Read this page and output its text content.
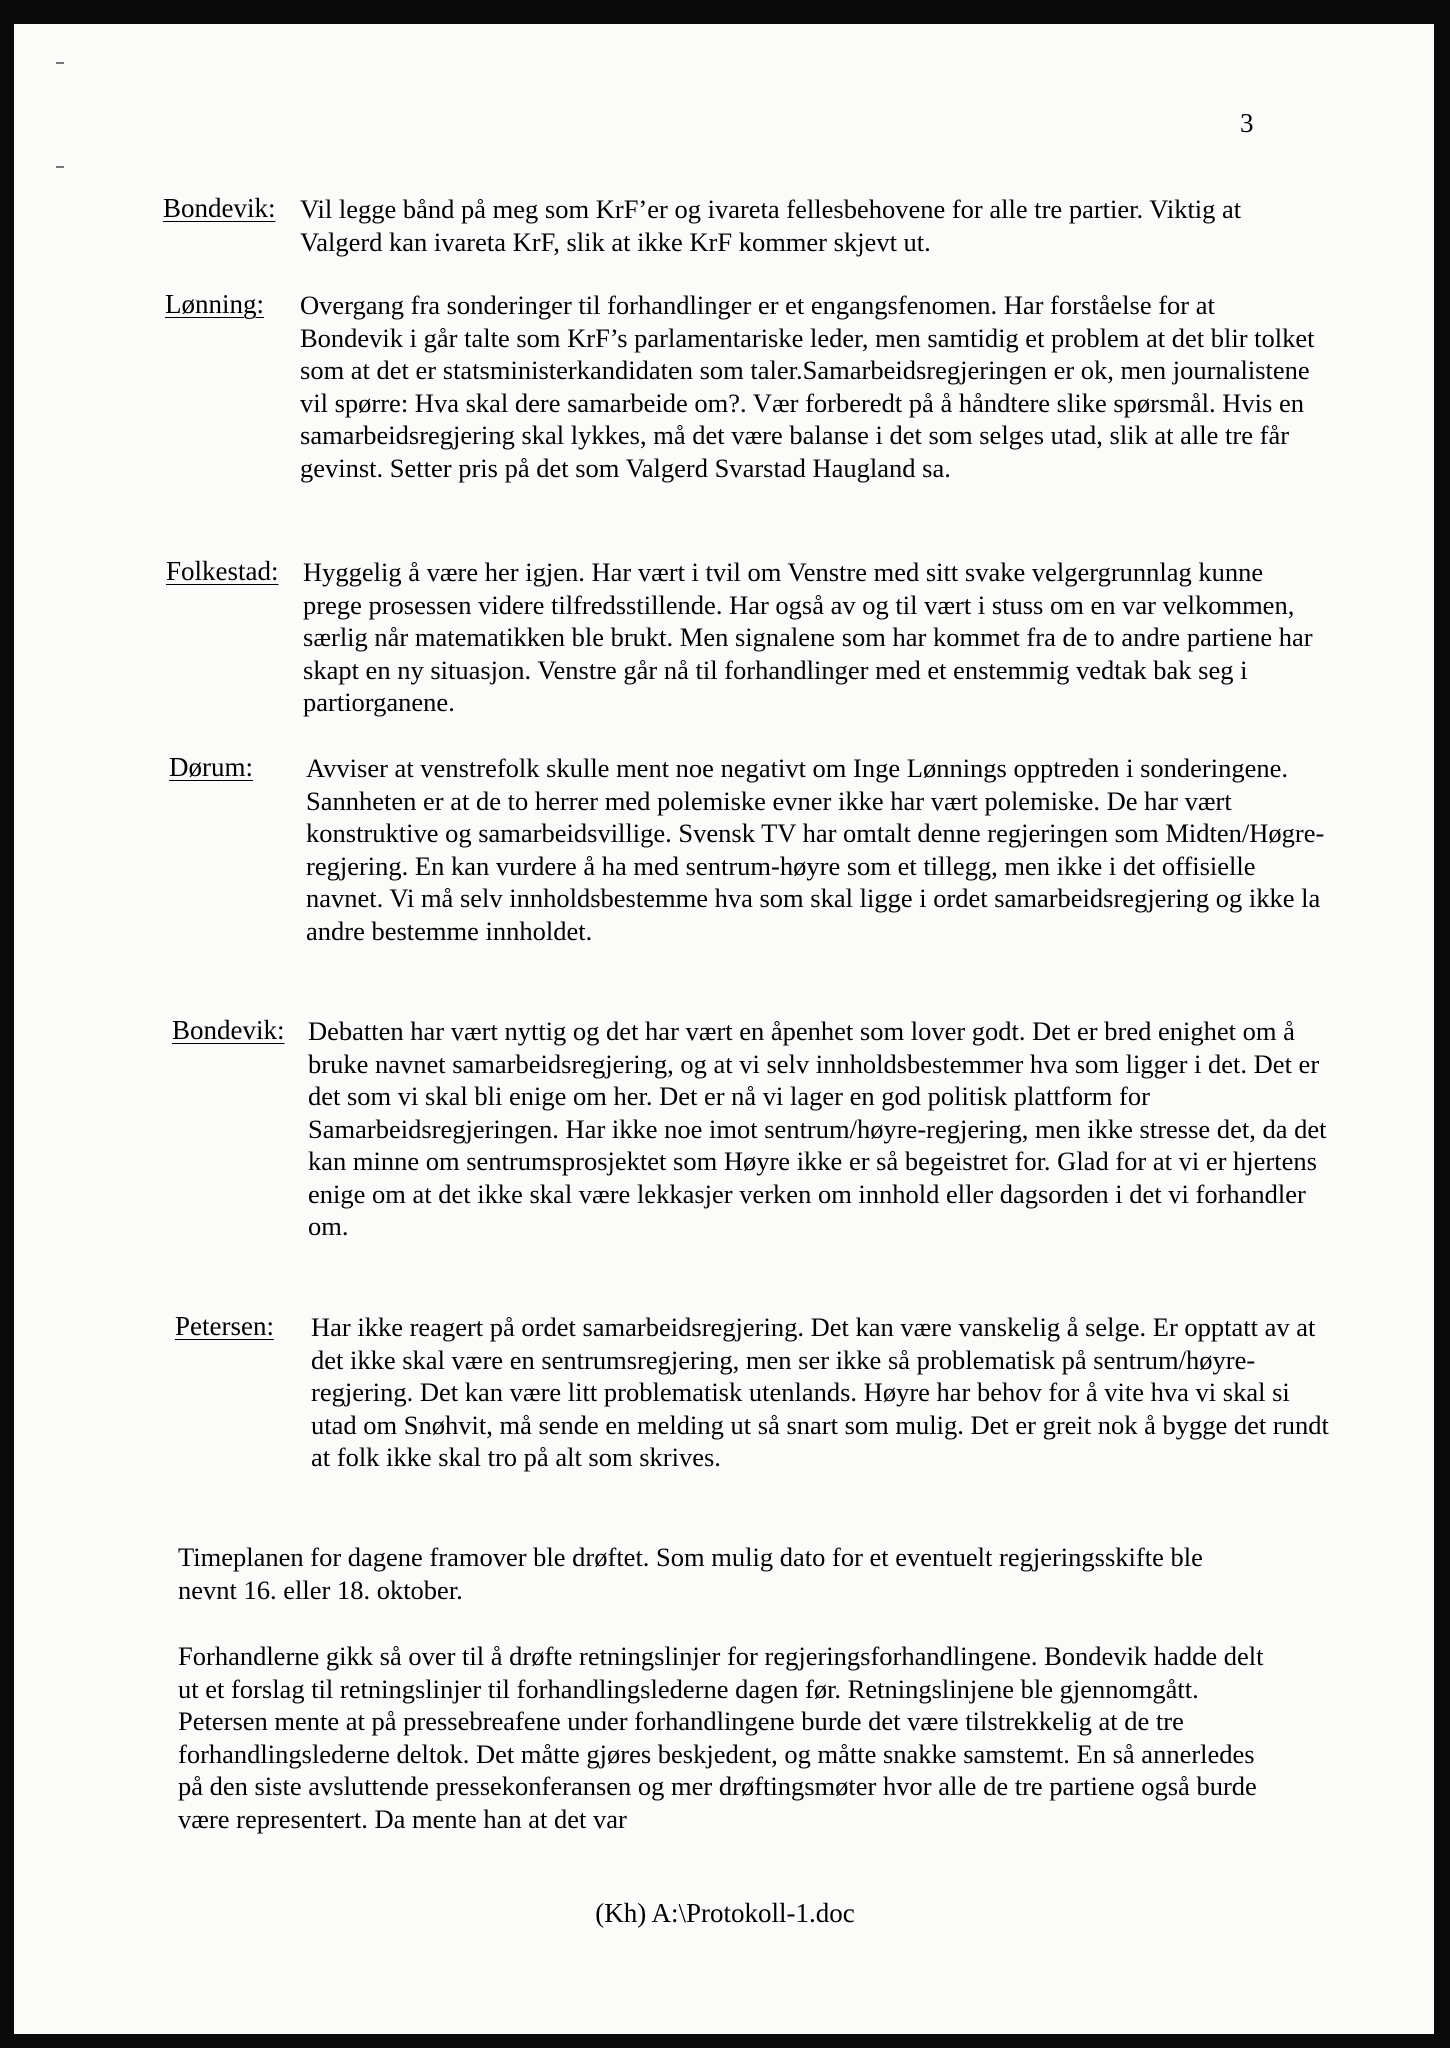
3
Bondevik: Vil legge bånd på meg som KrF’er og ivareta fellesbehovene for alle tre partier. Viktig at Valgerd kan ivareta KrF, slik at ikke KrF kommer skjevt ut.

Lønning: Overgang fra sonderinger til forhandlinger er et engangsfenomen. Har forståelse for at Bondevik i går talte som KrF’s parlamentariske leder, men samtidig et problem at det blir tolket som at det er statsministerkandidaten som taler.Samarbeidsregjeringen er ok, men journalistene vil spørre: Hva skal dere samarbeide om?. Vær forberedt på å håndtere slike spørsmål. Hvis en samarbeidsregjering skal lykkes, må det være balanse i det som selges utad, slik at alle tre får gevinst. Setter pris på det som Valgerd Svarstad Haugland sa.

Folkestad: Hyggelig å være her igjen. Har vært i tvil om Venstre med sitt svake velgergrunnlag kunne prege prosessen videre tilfredsstillende. Har også av og til vært i stuss om en var velkommen, særlig når matematikken ble brukt. Men signalene som har kommet fra de to andre partiene har skapt en ny situasjon. Venstre går nå til forhandlinger med et enstemmig vedtak bak seg i partiorganene.

Dørum: Avviser at venstrefolk skulle ment noe negativt om Inge Lønnings opptreden i sonderingene. Sannheten er at de to herrer med polemiske evner ikke har vært polemiske. De har vært konstruktive og samarbeidsvillige. Svensk TV har omtalt denne regjeringen som Midten/Høgre-regjering. En kan vurdere å ha med sentrum-høyre som et tillegg, men ikke i det offisielle navnet. Vi må selv innholdsbestemme hva som skal ligge i ordet samarbeidsregjering og ikke la andre bestemme innholdet.

Bondevik: Debatten har vært nyttig og det har vært en åpenhet som lover godt. Det er bred enighet om å bruke navnet samarbeidsregjering, og at vi selv innholdsbestemmer hva som ligger i det. Det er det som vi skal bli enige om her. Det er nå vi lager en god politisk plattform for Samarbeidsregjeringen. Har ikke noe imot sentrum/høyre-regjering, men ikke stresse det, da det kan minne om sentrumsprosjektet som Høyre ikke er så begeistret for. Glad for at vi er hjertens enige om at det ikke skal være lekkasjer verken om innhold eller dagsorden i det vi forhandler om.

Petersen: Har ikke reagert på ordet samarbeidsregjering. Det kan være vanskelig å selge. Er opptatt av at det ikke skal være en sentrumsregjering, men ser ikke så problematisk på sentrum/høyre-regjering. Det kan være litt problematisk utenlands. Høyre har behov for å vite hva vi skal si utad om Snøhvit, må sende en melding ut så snart som mulig. Det er greit nok å bygge det rundt at folk ikke skal tro på alt som skrives.

Timeplanen for dagene framover ble drøftet. Som mulig dato for et eventuelt regjeringsskifte ble nevnt 16. eller 18. oktober.

Forhandlerne gikk så over til å drøfte retningslinjer for regjeringsforhandlingene. Bondevik hadde delt ut et forslag til retningslinjer til forhandlingslederne dagen før. Retningslinjene ble gjennomgått. Petersen mente at på pressebreafene under forhandlingene burde det være tilstrekkelig at de tre forhandlingslederne deltok. Det måtte gjøres beskjedent, og måtte snakke samstemt. En så annerledes på den siste avsluttende pressekonferansen og mer drøftingsmøter hvor alle de tre partiene også burde være representert. Da mente han at det var

(Kh) A:\Protokoll-1.doc
